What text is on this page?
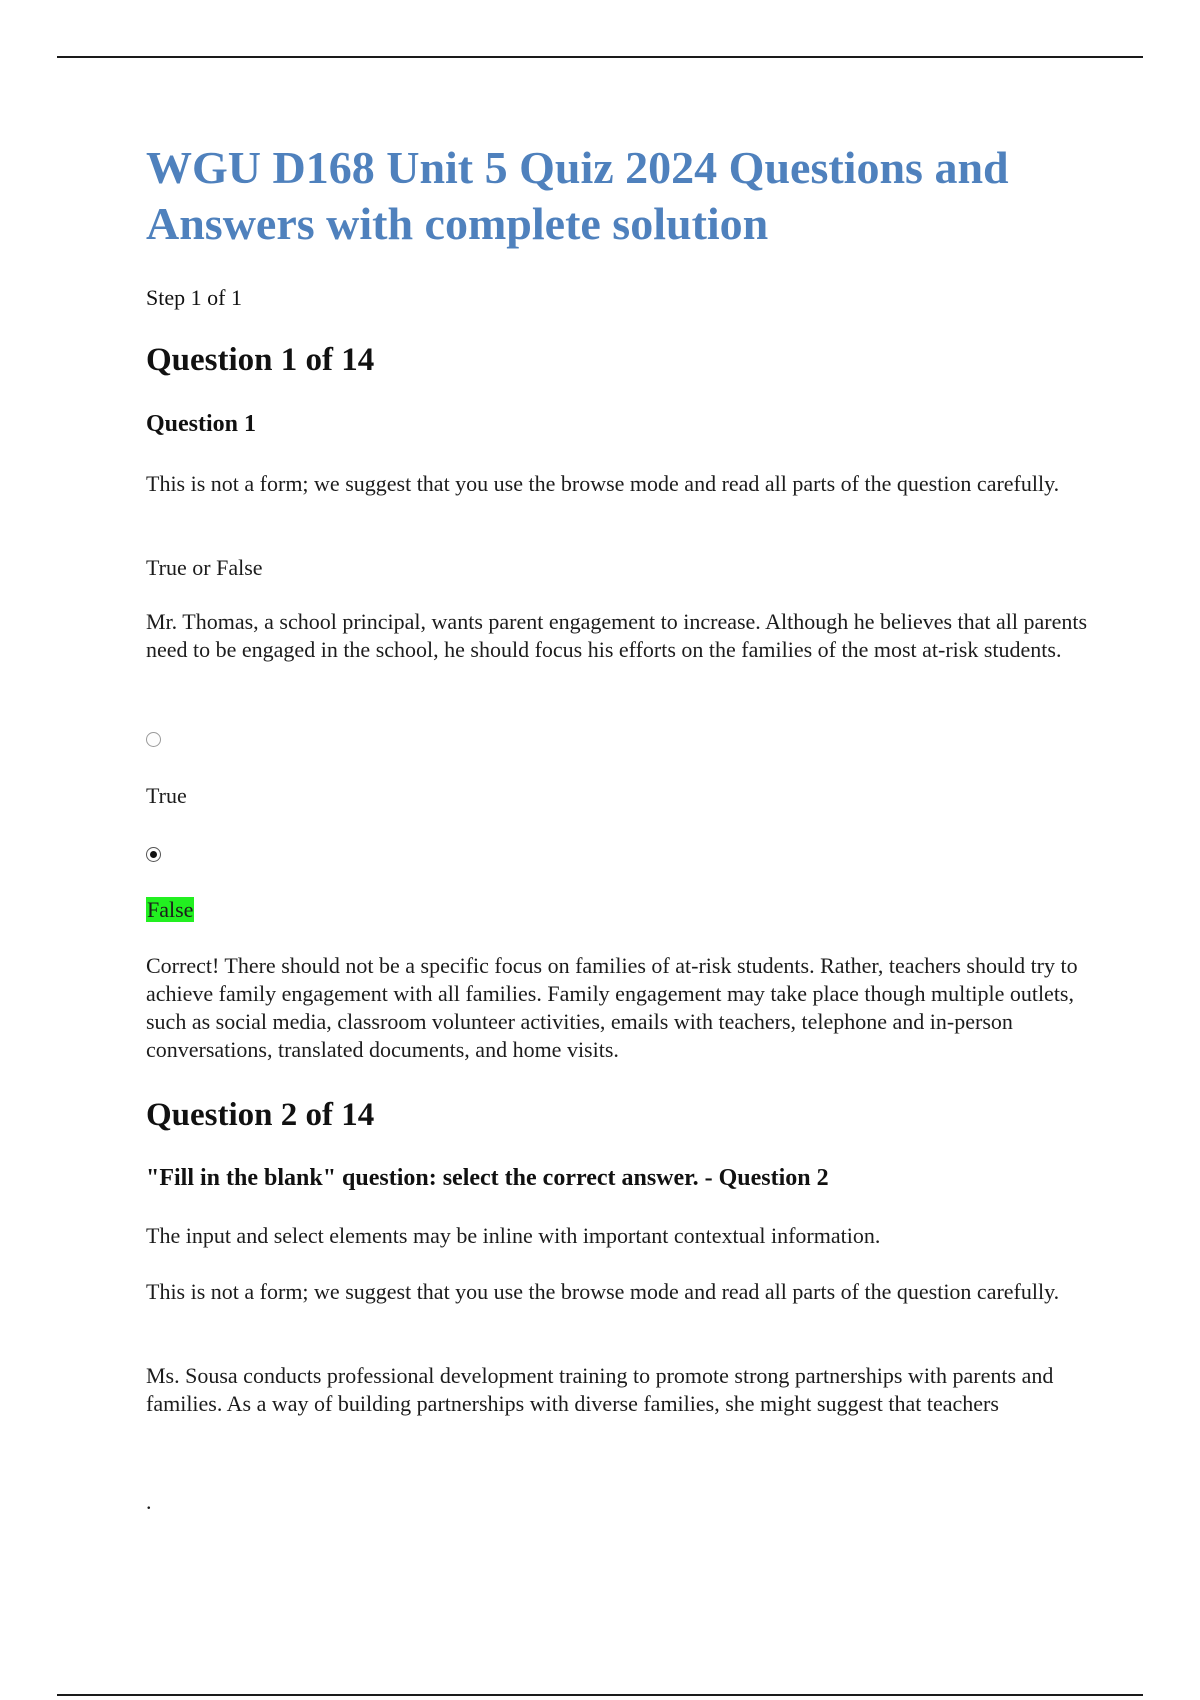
WGU D168 Unit 5 Quiz 2024 Questions and Answers with complete solution

Step 1 of 1

Question 1 of 14
Question 1

This is not a form; we suggest that you use the browse mode and read all parts of the question carefully.

True or False

Mr. Thomas, a school principal, wants parent engagement to increase. Although he believes that all parents need to be engaged in the school, he should focus his efforts on the families of the most at-risk students.

True

False

Correct! There should not be a specific focus on families of at-risk students. Rather, teachers should try to achieve family engagement with all families. Family engagement may take place though multiple outlets, such as social media, classroom volunteer activities, emails with teachers, telephone and in-person conversations, translated documents, and home visits.

Question 2 of 14
"Fill in the blank" question: select the correct answer. - Question 2

The input and select elements may be inline with important contextual information.

This is not a form; we suggest that you use the browse mode and read all parts of the question carefully.

Ms. Sousa conducts professional development training to promote strong partnerships with parents and families. As a way of building partnerships with diverse families, she might suggest that teachers

.
